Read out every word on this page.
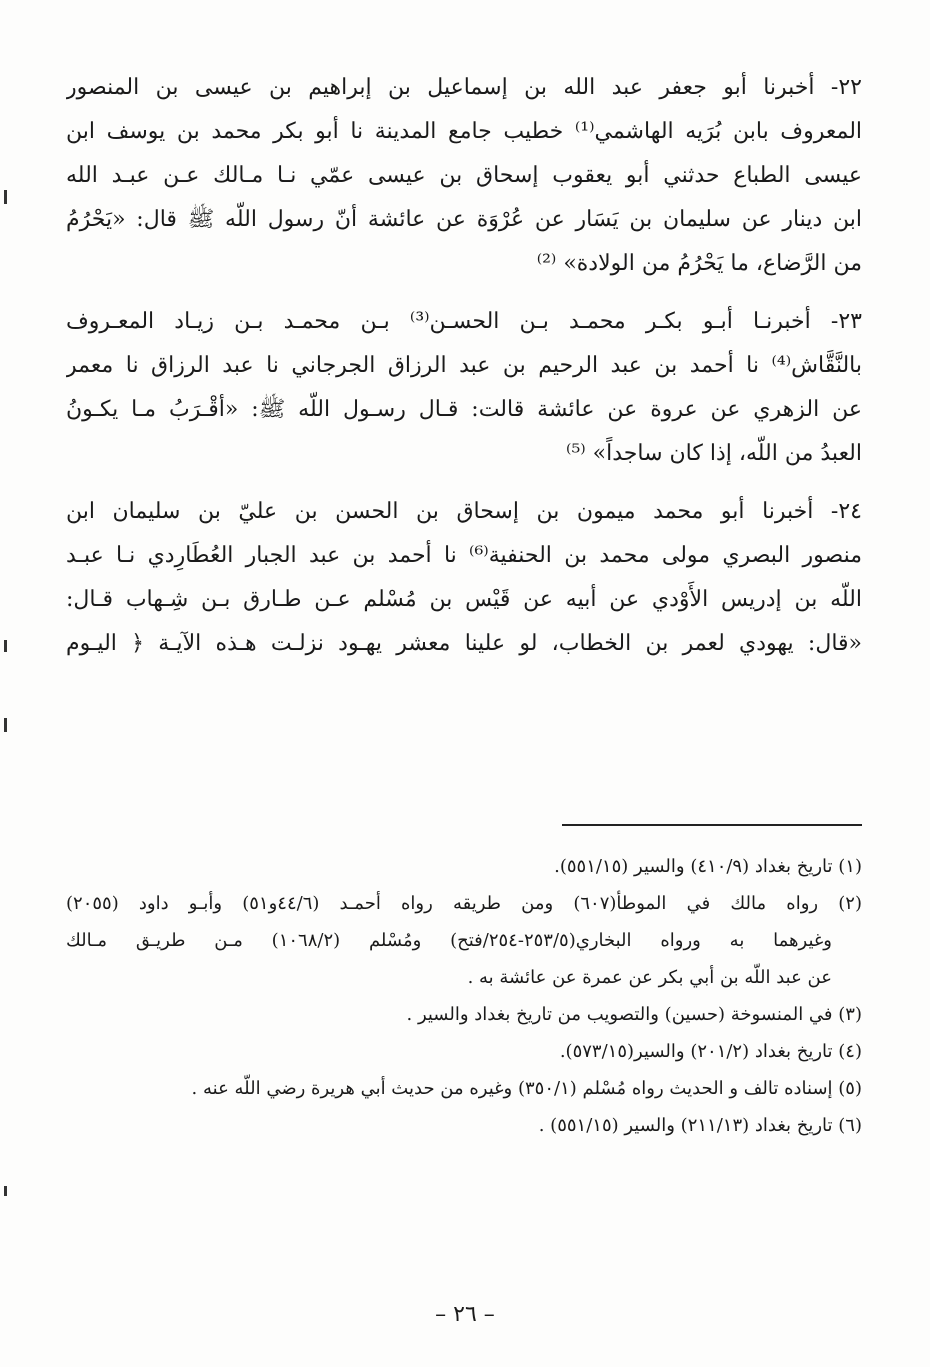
٢٢- أخبرنا أبو جعفر عبد الله بن إسماعيل بن إبراهيم بن عيسى بن المنصور
المعروف بابن بُرَيه الهاشمي⁽¹⁾ خطيب جامع المدينة نا أبو بكر محمد بن يوسف ابن
عيسى الطباع حدثني أبو يعقوب إسحاق بن عيسى عمّي نـا مـالك عـن عبـد الله
ابن دينار عن سليمان بن يَسَار عن عُرْوَة عن عائشة أنّ رسول اللّه ﷺ قال: «يَحْرُمُ
من الرَّضاع، ما يَحْرُمُ من الولادة» ⁽²⁾
٢٣- أخبرنـا أبـو بكـر محمـد بـن الحسـن⁽³⁾ بـن محمـد بـن زيـاد المعـروف
بالنَّقَّاش⁽⁴⁾ نا أحمد بن عبد الرحيم بن عبد الرزاق الجرجاني نا عبد الرزاق نا معمر
عن الزهري عن عروة عن عائشة قالت: قـال رسـول اللّه ﷺ: «أقْـرَبُ مـا يكـونُ
العبدُ من اللّه، إذا كان ساجداً» ⁽⁵⁾
٢٤- أخبرنا أبو محمد ميمون بن إسحاق بن الحسن بن عليّ بن سليمان ابن
منصور البصري مولى محمد بن الحنفية⁽⁶⁾ نا أحمد بن عبد الجبار العُطَارِدي نـا عبـد
اللّه بن إدريس الأَوْدي عن أبيه عن قَيْس بن مُسْلم عـن طـارق بـن شِـهاب قـال:
«قال: يهودي لعمر بن الخطاب، لو علينا معشر يهـود نزلـت هـذه الآيـة ﴿ اليـوم
(١) تاريخ بغداد (٤١٠/٩) والسير (٥٥١/١٥).
(٢) رواه مالك في الموطأ(٦٠٧) ومن طريقه رواه أحمـد (٤٤/٦و٥١) وأبـو داود (٢٠٥٥)
وغيرهما به ورواه البخاري(٢٥٣/٥-٢٥٤/فتح) ومُسْلم (١٠٦٨/٢) مـن طريـق مـالك
عن عبد اللّه بن أبي بكر عن عمرة عن عائشة به .
(٣) في المنسوخة (حسين) والتصويب من تاريخ بغداد والسير .
(٤) تاريخ بغداد (٢٠١/٢) والسير(٥٧٣/١٥).
(٥) إسناده تالف و الحديث رواه مُسْلم (٣٥٠/١) وغيره من حديث أبي هريرة رضي اللّه عنه .
(٦) تاريخ بغداد (٢١١/١٣) والسير (٥٥١/١٥) .
– ٢٦ –
